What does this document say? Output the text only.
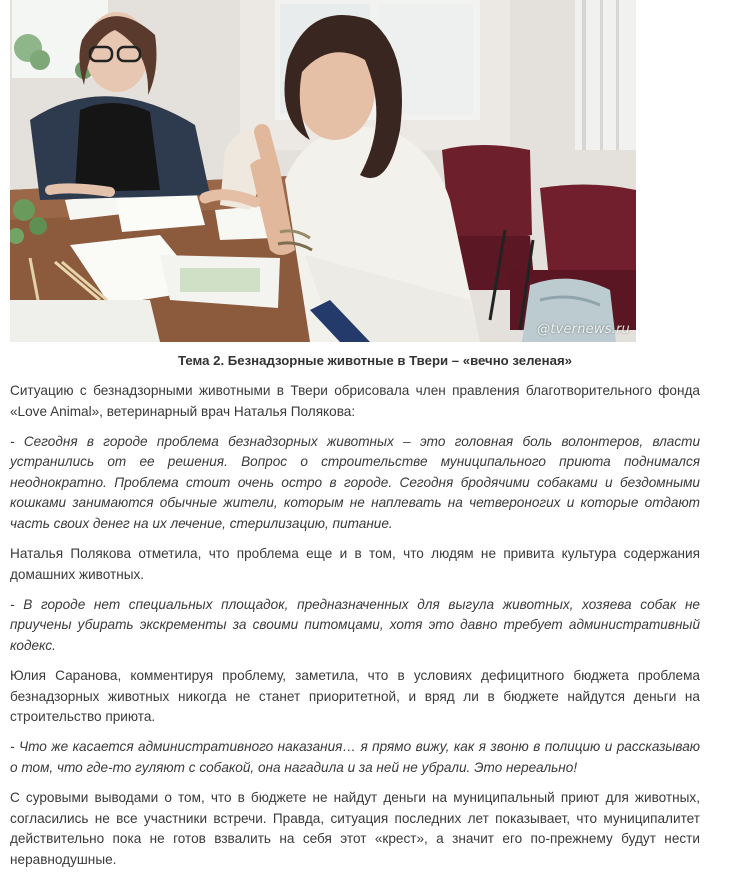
@tvernews.ru
Тема 2. Безнадзорные животные в Твери – «вечно зеленая»

Ситуацию с безнадзорными животными в Твери обрисовала член правления благотворительного фонда «Love Animal», ветеринарный врач Наталья Полякова:

- Сегодня в городе проблема безнадзорных животных – это головная боль волонтеров, власти устранились от ее решения. Вопрос о строительстве муниципального приюта поднимался неоднократно. Проблема стоит очень остро в городе. Сегодня бродячими собаками и бездомными кошками занимаются обычные жители, которым не наплевать на четвероногих и которые отдают часть своих денег на их лечение, стерилизацию, питание.

Наталья Полякова отметила, что проблема еще и в том, что людям не привита культура содержания домашних животных.

- В городе нет специальных площадок, предназначенных для выгула животных, хозяева собак не приучены убирать экскременты за своими питомцами, хотя это давно требует административный кодекс.

Юлия Саранова, комментируя проблему, заметила, что в условиях дефицитного бюджета проблема безнадзорных животных никогда не станет приоритетной, и вряд ли в бюджете найдутся деньги на строительство приюта.

- Что же касается административного наказания… я прямо вижу, как я звоню в полицию и рассказываю о том, что где-то гуляют с собакой, она нагадила и за ней не убрали. Это нереально!

С суровыми выводами о том, что в бюджете не найдут деньги на муниципальный приют для животных, согласились не все участники встречи. Правда, ситуация последних лет показывает, что муниципалитет действительно пока не готов взвалить на себя этот «крест», а значит его по-прежнему будут нести неравнодушные.
